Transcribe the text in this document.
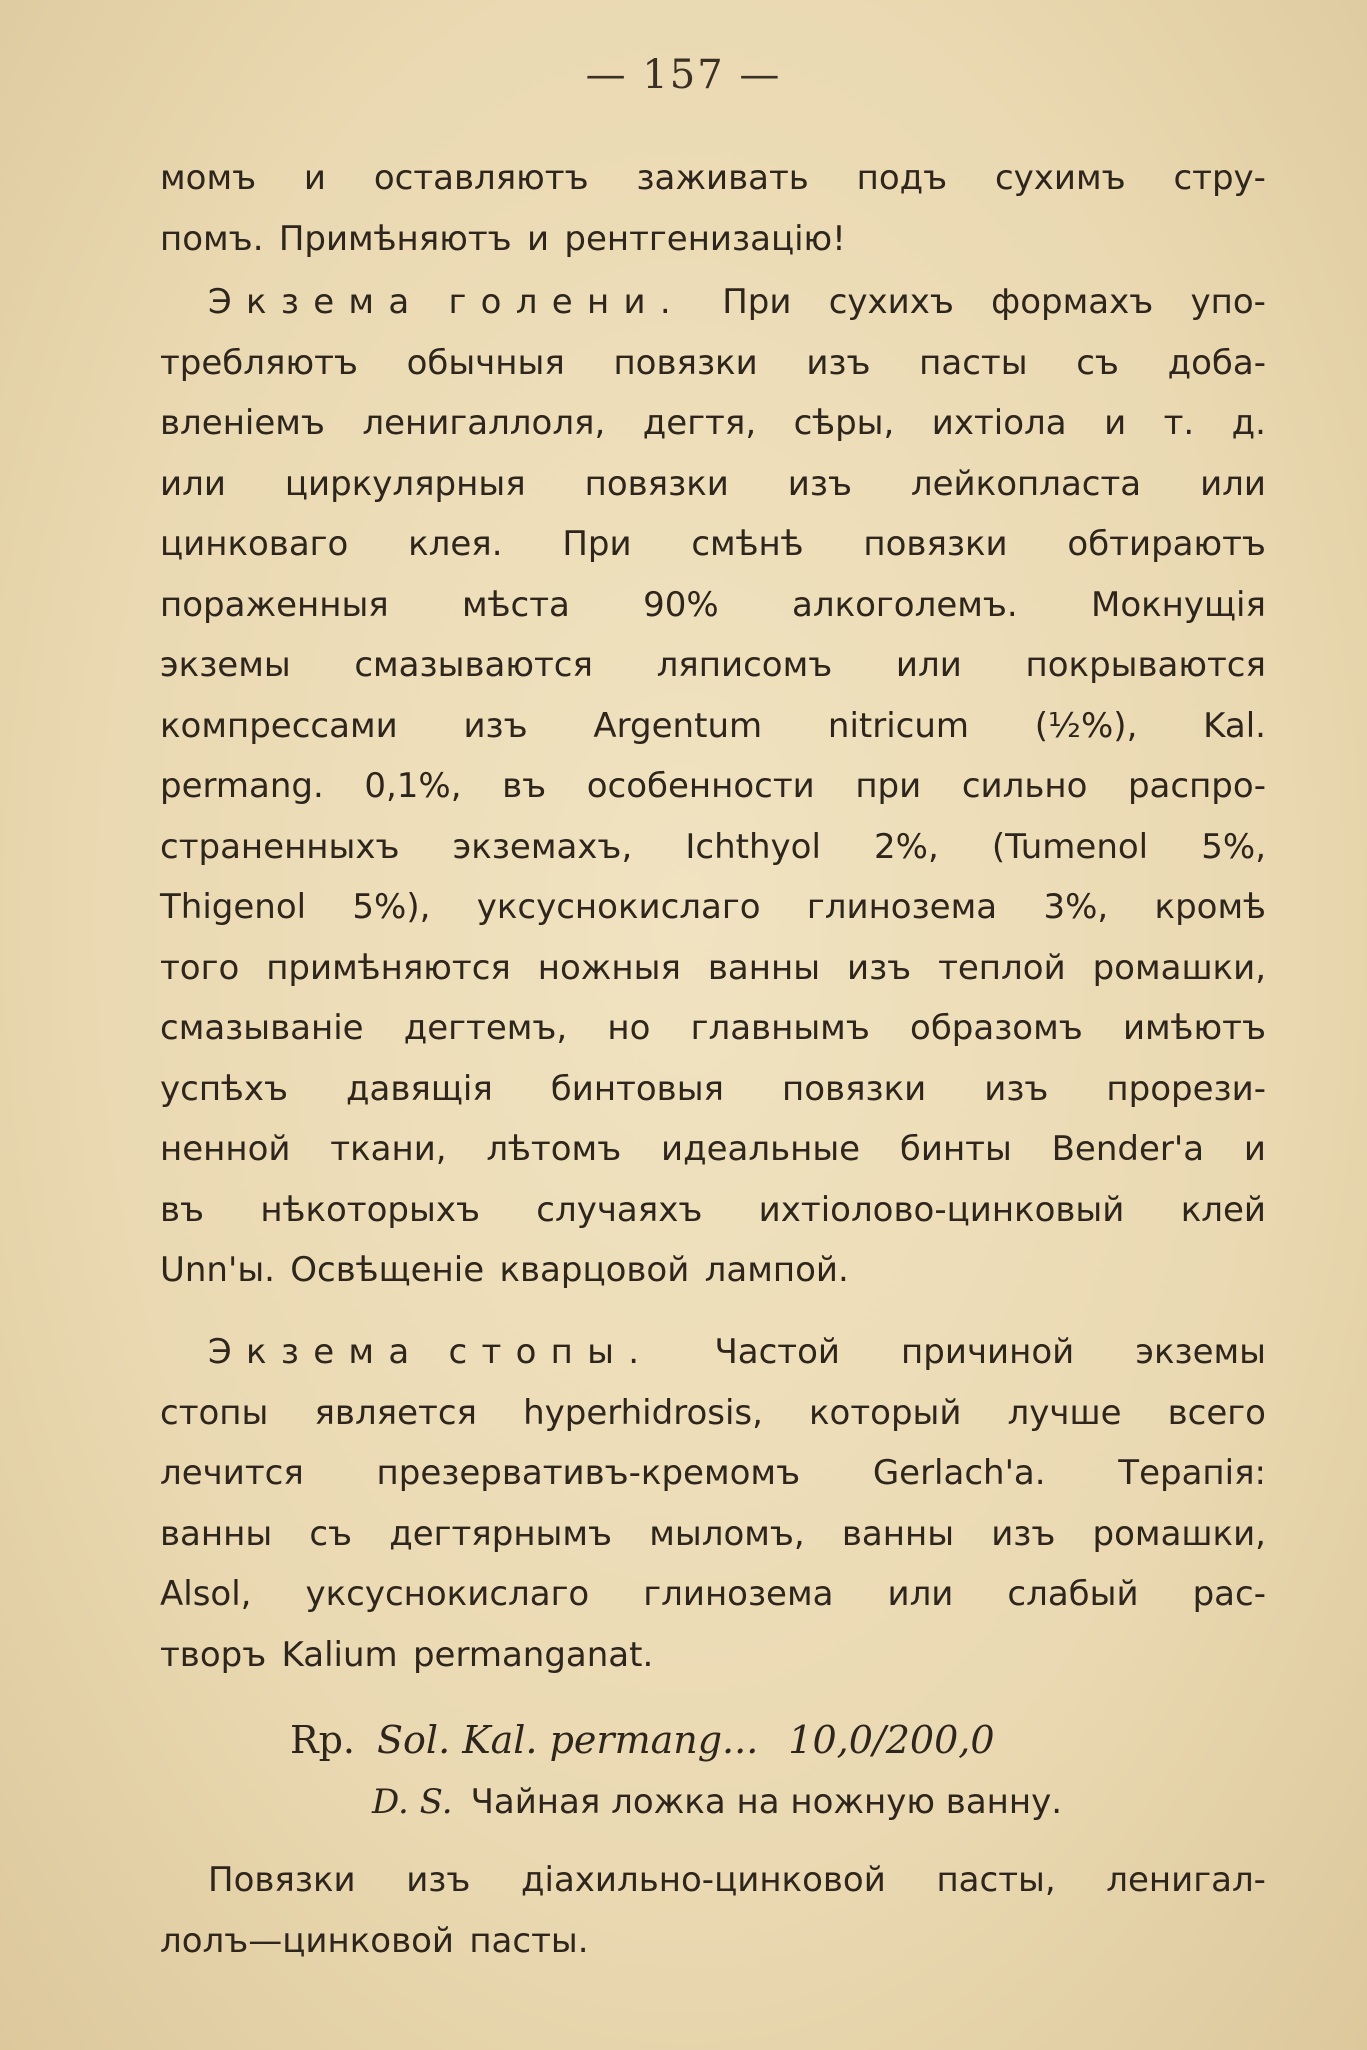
— 157 —
момъ и оставляютъ заживать подъ сухимъ стру-
помъ. Примѣняютъ и рентгенизацію!
Экзема голени. При сухихъ формахъ упо-
требляютъ обычныя повязки изъ пасты съ доба-
вленіемъ ленигаллоля, дегтя, сѣры, ихтіола и т. д.
или циркулярныя повязки изъ лейкопласта или
цинковаго клея. При смѣнѣ повязки обтираютъ
пораженныя мѣста 90% алкоголемъ. Мокнущія
экземы смазываются ляписомъ или покрываются
компрессами изъ Argentum nitricum (½%), Kal.
permang. 0,1%, въ особенности при сильно распро-
страненныхъ экземахъ, Ichthyol 2%, (Tumenol 5%,
Thigenol 5%), уксуснокислаго глинозема 3%, кромѣ
того примѣняются ножныя ванны изъ теплой ромашки,
смазываніе дегтемъ, но главнымъ образомъ имѣютъ
успѣхъ давящія бинтовыя повязки изъ прорези-
ненной ткани, лѣтомъ идеальные бинты Bender'a и
въ нѣкоторыхъ случаяхъ ихтіолово-цинковый клей
Unn'ы. Освѣщеніе кварцовой лампой.
Экзема стопы. Частой причиной экземы
стопы является hyperhidrosis, который лучше всего
лечится презервативъ-кремомъ Gerlach'a. Терапія:
ванны съ дегтярнымъ мыломъ, ванны изъ ромашки,
Alsol, уксуснокислаго глинозема или слабый рас-
творъ Kalium permanganat.
Rp. Sol. Kal. permang... 10,0/200,0
D. S. Чайная ложка на ножную ванну.
Повязки изъ діахильно-цинковой пасты, ленигал-
лолъ—цинковой пасты.
